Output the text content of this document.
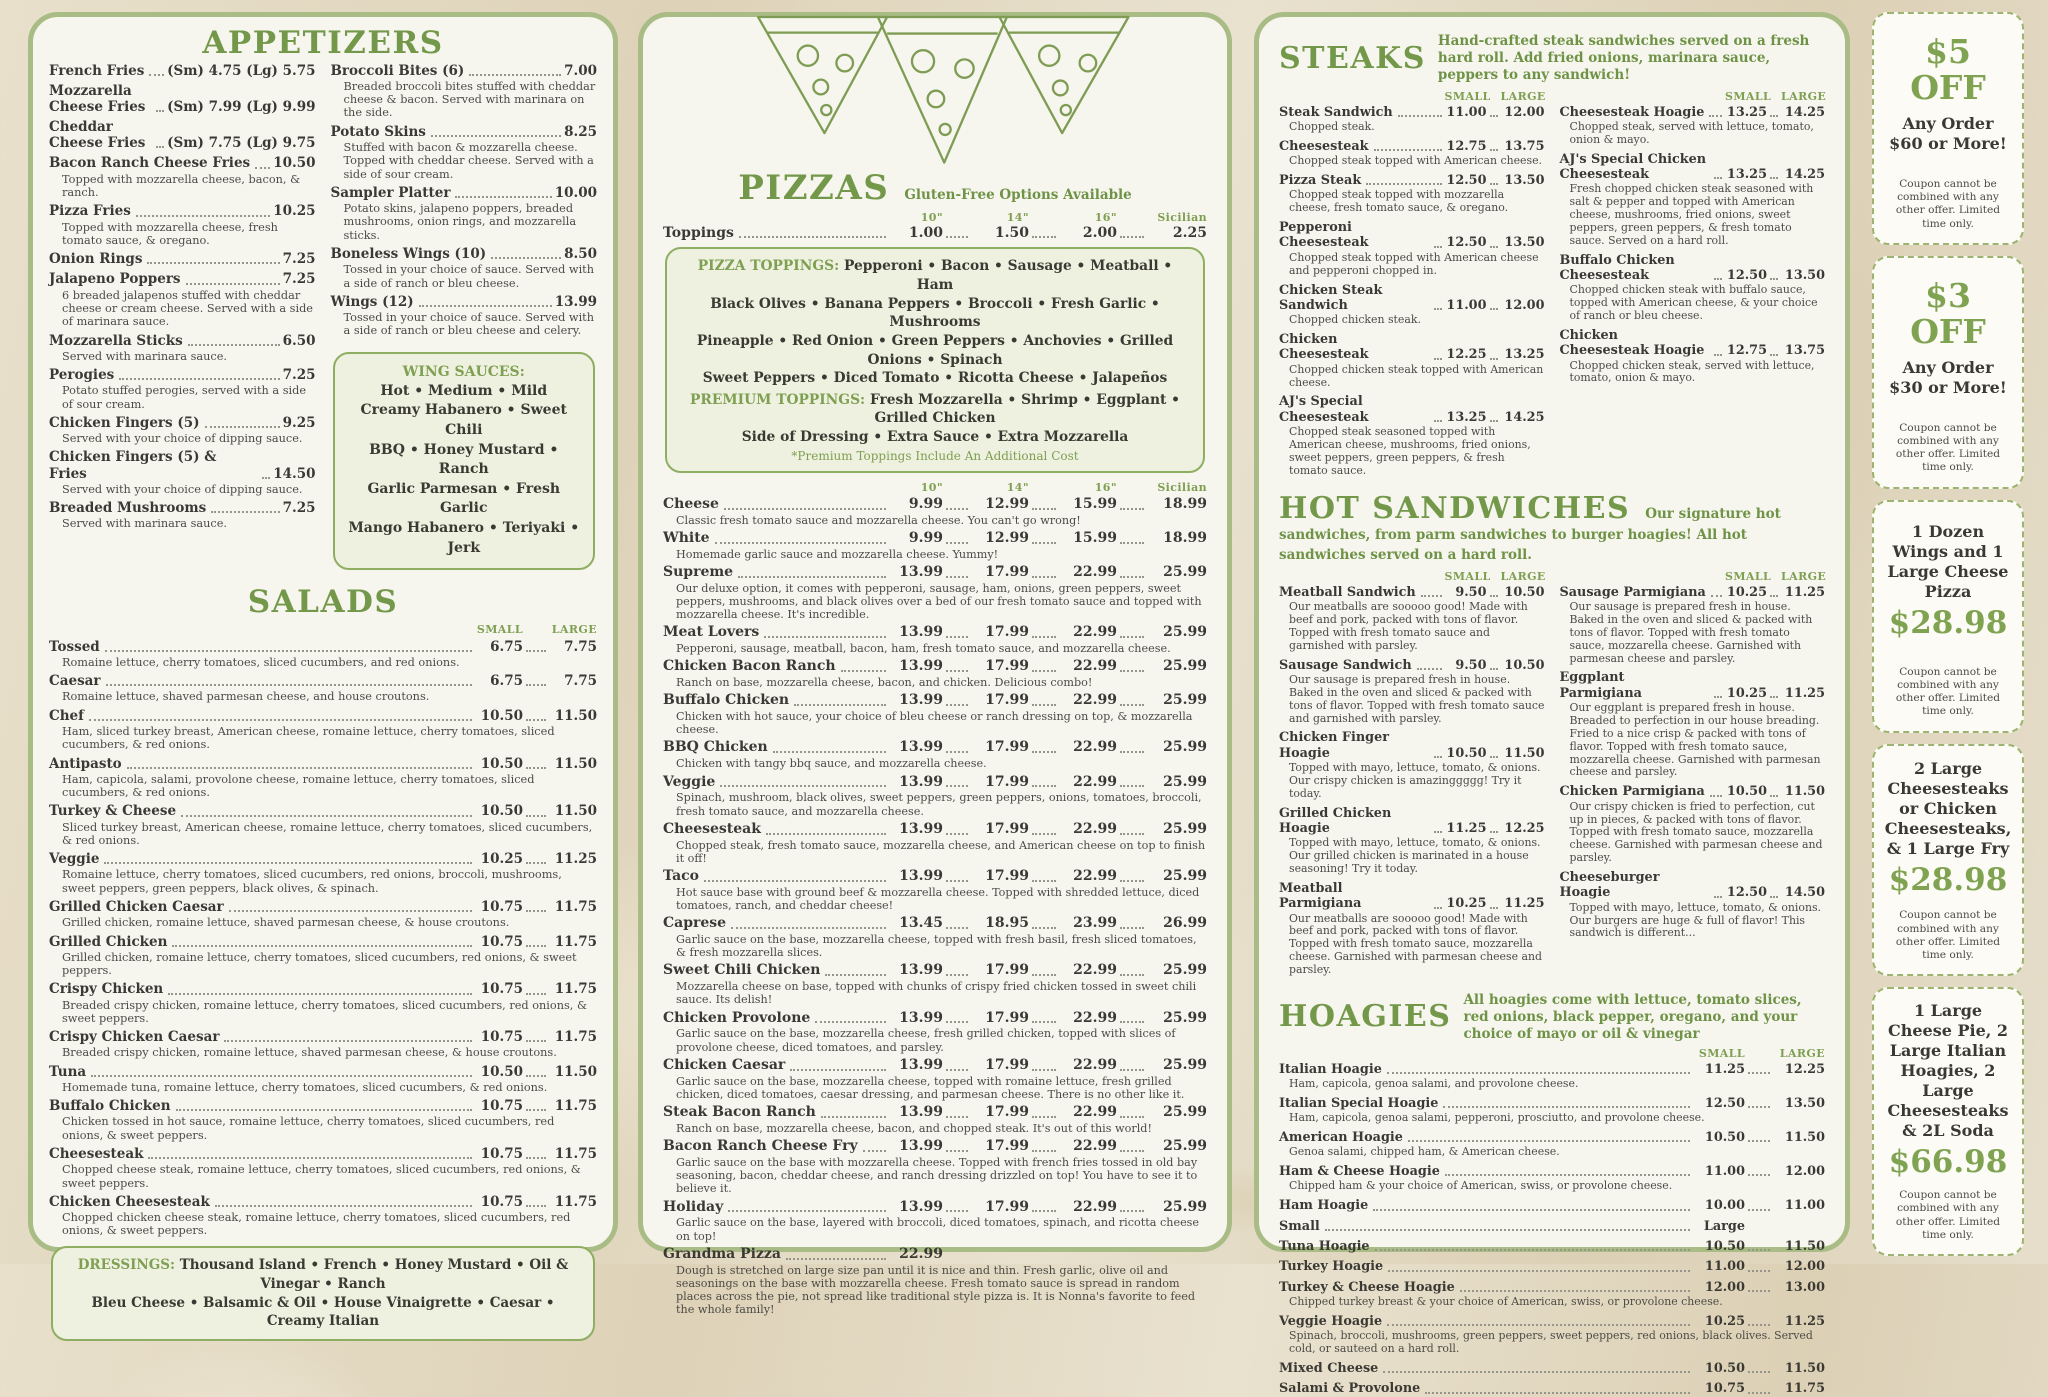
APPETIZERS
French Fries (Sm) 4.75 (Lg) 5.75
Mozzarella Cheese Fries	(Sm) 7.99 (Lg) 9.99
Cheddar Cheese Fries	(Sm) 7.75 (Lg) 9.75
Bacon Ranch Cheese Fries 10.50
Topped with mozzarella cheese, bacon, & ranch.
Pizza Fries	10.25
Topped with mozzarella cheese, fresh tomato sauce, & oregano.
Onion Rings	7.25
Jalapeno Poppers	7.25
6 breaded jalapenos stuffed with cheddar cheese or cream cheese. Served with a side of marinara sauce.
Mozzarella Sticks	6.50
Served with marinara sauce.
Perogies	7.25
Potato stuffed perogies, served with a side of sour cream.
Chicken Fingers (5)	9.25
Served with your choice of dipping sauce.
Chicken Fingers (5) & Fries	14.50
Served with your choice of dipping sauce.
Breaded Mushrooms	7.25
Served with marinara sauce.
Broccoli Bites (6)	7.00
Breaded broccoli bites stuffed with cheddar cheese & bacon. Served with marinara on the side.
Potato Skins	8.25
Stuffed with bacon & mozzarella cheese. Topped with cheddar cheese. Served with a side of sour cream.
Sampler Platter	10.00
Potato skins, jalapeno poppers, breaded mushrooms, onion rings, and mozzarella sticks.
Boneless Wings (10)	8.50
Tossed in your choice of sauce. Served with a side of ranch or bleu cheese.
Wings (12)	13.99
Tossed in your choice of sauce. Served with a side of ranch or bleu cheese and celery.
WING SAUCES:
Hot • Medium • Mild
Creamy Habanero • Sweet Chili
BBQ • Honey Mustard • Ranch
Garlic Parmesan • Fresh Garlic
Mango Habanero • Teriyaki • Jerk
SALADS
SMALL	LARGE
Tossed	6.75	7.75
Romaine lettuce, cherry tomatoes, sliced cucumbers, and red onions.
Caesar	6.75	7.75
Romaine lettuce, shaved parmesan cheese, and house croutons.
Chef	10.50	11.50
Ham, sliced turkey breast, American cheese, romaine lettuce, cherry tomatoes, sliced cucumbers, & red onions.
Antipasto	10.50	11.50
Ham, capicola, salami, provolone cheese, romaine lettuce, cherry tomatoes, sliced cucumbers, & red onions.
Turkey & Cheese	10.50	11.50
Sliced turkey breast, American cheese, romaine lettuce, cherry tomatoes, sliced cucumbers, & red onions.
Veggie	10.25	11.25
Romaine lettuce, cherry tomatoes, sliced cucumbers, red onions, broccoli, mushrooms, sweet peppers, green peppers, black olives, & spinach.
Grilled Chicken Caesar	10.75	11.75
Grilled chicken, romaine lettuce, shaved parmesan cheese, & house croutons.
Grilled Chicken	10.75	11.75
Grilled chicken, romaine lettuce, cherry tomatoes, sliced cucumbers, red onions, & sweet peppers.
Crispy Chicken	10.75	11.75
Breaded crispy chicken, romaine lettuce, cherry tomatoes, sliced cucumbers, red onions, & sweet peppers.
Crispy Chicken Caesar	10.75	11.75
Breaded crispy chicken, romaine lettuce, shaved parmesan cheese, & house croutons.
Tuna	10.50	11.50
Homemade tuna, romaine lettuce, cherry tomatoes, sliced cucumbers, & red onions.
Buffalo Chicken	10.75	11.75
Chicken tossed in hot sauce, romaine lettuce, cherry tomatoes, sliced cucumbers, red onions, & sweet peppers.
Cheesesteak	10.75	11.75
Chopped cheese steak, romaine lettuce, cherry tomatoes, sliced cucumbers, red onions, & sweet peppers.
Chicken Cheesesteak	10.75	11.75
Chopped chicken cheese steak, romaine lettuce, cherry tomatoes, sliced cucumbers, red onions, & sweet peppers.
DRESSINGS: Thousand Island • French • Honey Mustard • Oil & Vinegar • Ranch
Bleu Cheese • Balsamic & Oil • House Vinaigrette • Caesar • Creamy Italian
PIZZAS Gluten-Free Options Available
10"	14"	16"	Sicilian
Toppings	1.00	1.50	2.00	2.25
PIZZA TOPPINGS: Pepperoni • Bacon • Sausage • Meatball • Ham
Black Olives • Banana Peppers • Broccoli • Fresh Garlic • Mushrooms
Pineapple • Red Onion • Green Peppers • Anchovies • Grilled Onions • Spinach
Sweet Peppers • Diced Tomato • Ricotta Cheese • Jalapeños
PREMIUM TOPPINGS: Fresh Mozzarella • Shrimp • Eggplant • Grilled Chicken
Side of Dressing • Extra Sauce • Extra Mozzarella
*Premium Toppings Include An Additional Cost
10"	14"	16"	Sicilian
Cheese	9.99	12.99	15.99	18.99
Classic fresh tomato sauce and mozzarella cheese. You can't go wrong!
White	9.99	12.99	15.99	18.99
Homemade garlic sauce and mozzarella cheese. Yummy!
Supreme	13.99	17.99	22.99	25.99
Our deluxe option, it comes with pepperoni, sausage, ham, onions, green peppers, sweet peppers, mushrooms, and black olives over a bed of our fresh tomato sauce and topped with mozzarella cheese. It's incredible.
Meat Lovers	13.99	17.99	22.99	25.99
Pepperoni, sausage, meatball, bacon, ham, fresh tomato sauce, and mozzarella cheese.
Chicken Bacon Ranch	13.99	17.99	22.99	25.99
Ranch on base, mozzarella cheese, bacon, and chicken. Delicious combo!
Buffalo Chicken	13.99	17.99	22.99	25.99
Chicken with hot sauce, your choice of bleu cheese or ranch dressing on top, & mozzarella cheese.
BBQ Chicken	13.99	17.99	22.99	25.99
Chicken with tangy bbq sauce, and mozzarella cheese.
Veggie	13.99	17.99	22.99	25.99
Spinach, mushroom, black olives, sweet peppers, green peppers, onions, tomatoes, broccoli, fresh tomato sauce, and mozzarella cheese.
Cheesesteak	13.99	17.99	22.99	25.99
Chopped steak, fresh tomato sauce, mozzarella cheese, and American cheese on top to finish it off!
Taco	13.99	17.99	22.99	25.99
Hot sauce base with ground beef & mozzarella cheese. Topped with shredded lettuce, diced tomatoes, ranch, and cheddar cheese!
Caprese	13.45	18.95	23.99	26.99
Garlic sauce on the base, mozzarella cheese, topped with fresh basil, fresh sliced tomatoes, & fresh mozzarella slices.
Sweet Chili Chicken	13.99	17.99	22.99	25.99
Mozzarella cheese on base, topped with chunks of crispy fried chicken tossed in sweet chili sauce. Its delish!
Chicken Provolone	13.99	17.99	22.99	25.99
Garlic sauce on the base, mozzarella cheese, fresh grilled chicken, topped with slices of provolone cheese, diced tomatoes, and parsley.
Chicken Caesar	13.99	17.99	22.99	25.99
Garlic sauce on the base, mozzarella cheese, topped with romaine lettuce, fresh grilled chicken, diced tomatoes, caesar dressing, and parmesan cheese. There is no other like it.
Steak Bacon Ranch	13.99	17.99	22.99	25.99
Ranch on base, mozzarella cheese, bacon, and chopped steak. It's out of this world!
Bacon Ranch Cheese Fry	13.99	17.99	22.99	25.99
Garlic sauce on the base with mozzarella cheese. Topped with french fries tossed in old bay seasoning, bacon, cheddar cheese, and ranch dressing drizzled on top! You have to see it to believe it.
Holiday	13.99	17.99	22.99	25.99
Garlic sauce on the base, layered with broccoli, diced tomatoes, spinach, and ricotta cheese on top!
Grandma Pizza	22.99
Dough is stretched on large size pan until it is nice and thin. Fresh garlic, olive oil and seasonings on the base with mozzarella cheese. Fresh tomato sauce is spread in random places across the pie, not spread like traditional style pizza is. It is Nonna's favorite to feed the whole family!
STEAKS Hand-crafted steak sandwiches served on a fresh hard roll. Add fried onions, marinara sauce, peppers to any sandwich!
SMALL LARGE
Steak Sandwich	11.00	12.00
Chopped steak.
Cheesesteak	12.75	13.75
Chopped steak topped with American cheese.
Pizza Steak	12.50	13.50
Chopped steak topped with mozzarella cheese, fresh tomato sauce, & oregano.
Pepperoni Cheesesteak	12.50	13.50
Chopped steak topped with American cheese and pepperoni chopped in.
Chicken Steak Sandwich	11.00	12.00
Chopped chicken steak.
Chicken Cheesesteak	12.25	13.25
Chopped chicken steak topped with American cheese.
AJ's Special Cheesesteak	13.25	14.25
Chopped steak seasoned topped with American cheese, mushrooms, fried onions, sweet peppers, green peppers, & fresh tomato sauce.
SMALL LARGE
Cheesesteak Hoagie 13.25	14.25
Chopped steak, served with lettuce, tomato, onion & mayo.
AJ's Special Chicken Cheesesteak	13.25	14.25
Fresh chopped chicken steak seasoned with salt & pepper and topped with American cheese, mushrooms, fried onions, sweet peppers, green peppers, & fresh tomato sauce. Served on a hard roll.
Buffalo Chicken Cheesesteak	12.50	13.50
Chopped chicken steak with buffalo sauce, topped with American cheese, & your choice of ranch or bleu cheese.
Chicken Cheesesteak Hoagie	12.75	13.75
Chopped chicken steak, served with lettuce, tomato, onion & mayo.
HOT SANDWICHES Our signature hot sandwiches, from parm sandwiches to burger hoagies! All hot sandwiches served on a hard roll.
SMALL LARGE
Meatball Sandwich	9.50	10.50
Our meatballs are sooooo good! Made with beef and pork, packed with tons of flavor. Topped with fresh tomato sauce and garnished with parsley.
Sausage Sandwich	9.50	10.50
Our sausage is prepared fresh in house. Baked in the oven and sliced & packed with tons of flavor. Topped with fresh tomato sauce and garnished with parsley.
Chicken Finger Hoagie	10.50	11.50
Topped with mayo, lettuce, tomato, & onions. Our crispy chicken is amazinggggg! Try it today.
Grilled Chicken Hoagie	11.25	12.25
Topped with mayo, lettuce, tomato, & onions. Our grilled chicken is marinated in a house seasoning! Try it today.
Meatball Parmigiana	10.25	11.25
Our meatballs are sooooo good! Made with beef and pork, packed with tons of flavor. Topped with fresh tomato sauce, mozzarella cheese. Garnished with parmesan cheese and parsley.
SMALL LARGE
Sausage Parmigiana 10.25	11.25
Our sausage is prepared fresh in house. Baked in the oven and sliced & packed with tons of flavor. Topped with fresh tomato sauce, mozzarella cheese. Garnished with parmesan cheese and parsley.
Eggplant Parmigiana	10.25	11.25
Our eggplant is prepared fresh in house. Breaded to perfection in our house breading. Fried to a nice crisp & packed with tons of flavor. Topped with fresh tomato sauce, mozzarella cheese. Garnished with parmesan cheese and parsley.
Chicken Parmigiana 10.50	11.50
Our crispy chicken is fried to perfection, cut up in pieces, & packed with tons of flavor. Topped with fresh tomato sauce, mozzarella cheese. Garnished with parmesan cheese and parsley.
Cheeseburger Hoagie	12.50	14.50
Topped with mayo, lettuce, tomato, & onions. Our burgers are huge & full of flavor! This sandwich is different...
HOAGIES All hoagies come with lettuce, tomato slices, red onions, black pepper, oregano, and your choice of mayo or oil & vinegar
SMALL	LARGE
Italian Hoagie	11.25	12.25
Ham, capicola, genoa salami, and provolone cheese.
Italian Special Hoagie	12.50	13.50
Ham, capicola, genoa salami, pepperoni, prosciutto, and provolone cheese.
American Hoagie	10.50	11.50
Genoa salami, chipped ham, & American cheese.
Ham & Cheese Hoagie	11.00	12.00
Chipped ham & your choice of American, swiss, or provolone cheese.
Ham Hoagie	10.00	11.00
Small	Large
Tuna Hoagie	10.50	11.50
Turkey Hoagie	11.00	12.00
Turkey & Cheese Hoagie	12.00	13.00
Chipped turkey breast & your choice of American, swiss, or provolone cheese.
Veggie Hoagie	10.25	11.25
Spinach, broccoli, mushrooms, green peppers, sweet peppers, red onions, black olives. Served cold, or sauteed on a hard roll.
Mixed Cheese	10.50	11.50
Salami & Provolone	10.75	11.75
$5 OFF
Any Order $60 or More!
Coupon cannot be combined with any other offer. Limited time only.
$3 OFF
Any Order $30 or More!
Coupon cannot be combined with any other offer. Limited time only.
1 Dozen Wings and 1 Large Cheese Pizza
$28.98
Coupon cannot be combined with any other offer. Limited time only.
2 Large Cheesesteaks or Chicken Cheesesteaks, & 1 Large Fry
$28.98
Coupon cannot be combined with any other offer. Limited time only.
1 Large Cheese Pie, 2 Large Italian Hoagies, 2 Large Cheesesteaks & 2L Soda
$66.98
Coupon cannot be combined with any other offer. Limited time only.
